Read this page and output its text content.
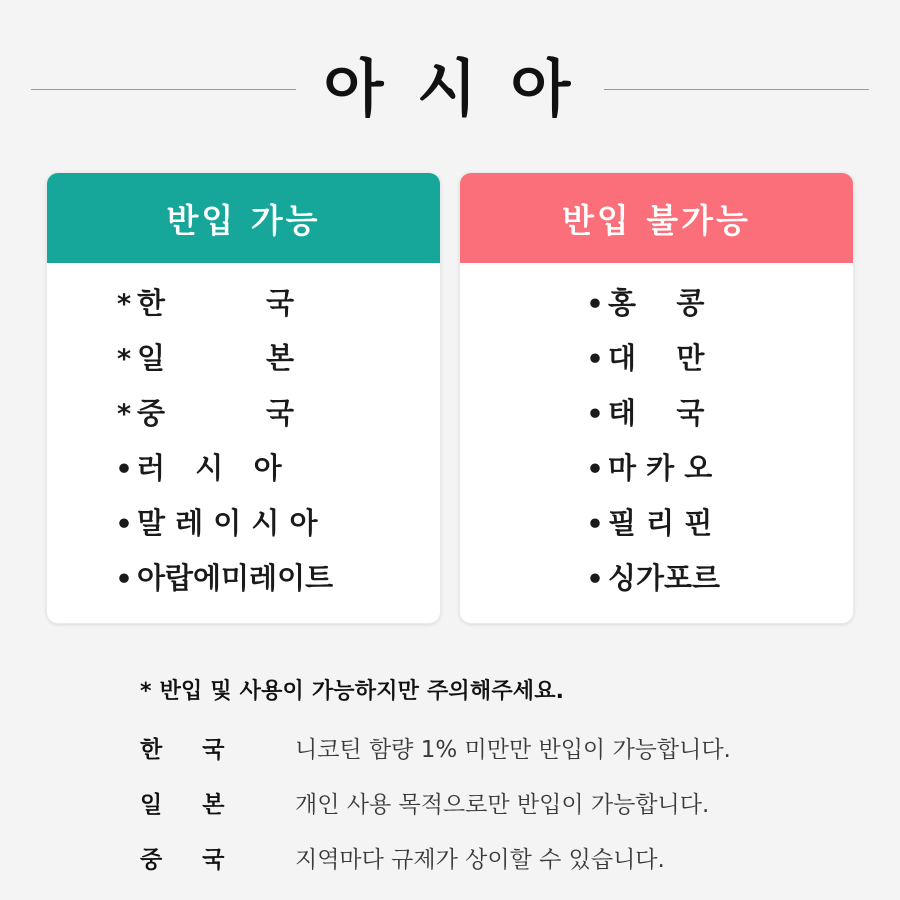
아 시 아
반입 가능
* 한          국
* 일          본
* 중          국
• 러   시   아
• 말 레 이 시 아
• 아랍에미레이트
반입 불가능
• 홍    콩
• 대    만
• 태    국
• 마 카 오
• 필 리 핀
• 싱가포르
* 반입 및 사용이 가능하지만 주의해주세요.
한     국	니코틴 함량 1% 미만만 반입이 가능합니다.
일     본	개인 사용 목적으로만 반입이 가능합니다.
중     국	지역마다 규제가 상이할 수 있습니다.
